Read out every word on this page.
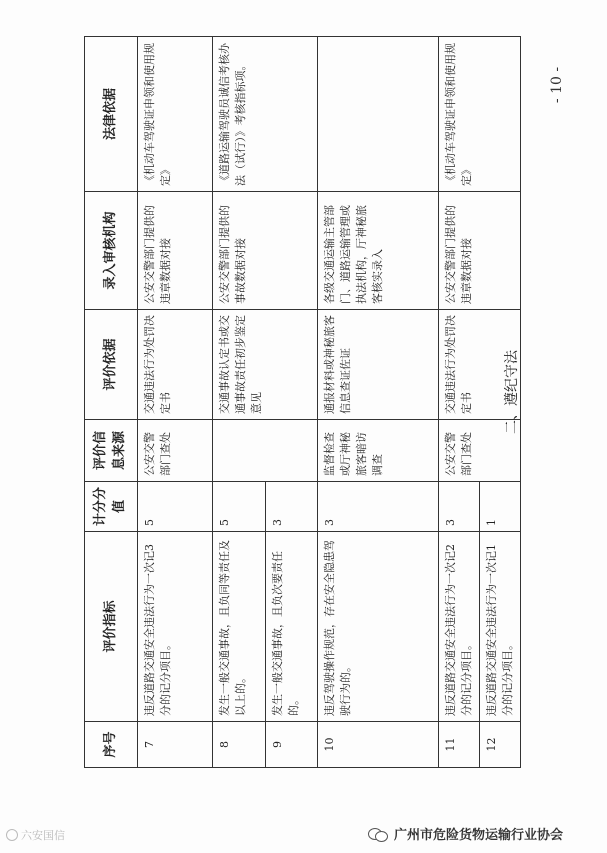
序号	评价指标	计分分值	评价信息来源	评价依据	录入审核机构	法律依据
7	违反道路交通安全违法行为一次记3分的记分项目。	5	公安交警部门查处	交通违法行为处罚决定书	公安交警部门提供的违章数据对接	《机动车驾驶证申领和使用规定》
8	发生一般交通事故，且负同等责任及以上的。	5		交通事故认定书或交通事故责任初步鉴定意见	公安交警部门提供的事故数据对接	《道路运输驾驶员诚信考核办法（试行）》考核指标项。
9	发生一般交通事故，且负次要责任的。	3				
10	违反驾驶操作规范，存在安全隐患驾驶行为的。	3	监督检查或厅神秘旅客暗访调查	通报材料或神秘旅客信息查证佐证	各级交通运输主管部门、道路运输管理或执法机构，厅神秘旅客核实录入	
11	违反道路交通安全违法行为一次记2分的记分项目。	3	公安交警部门查处	交通违法行为处罚决定书	公安交警部门提供的违章数据对接	《机动车驾驶证申领和使用规定》
12	违反道路交通安全违法行为一次记1分的记分项目。	1				
- 10 -
二、遵纪守法
六安国信	广州市危险货物运输行业协会
